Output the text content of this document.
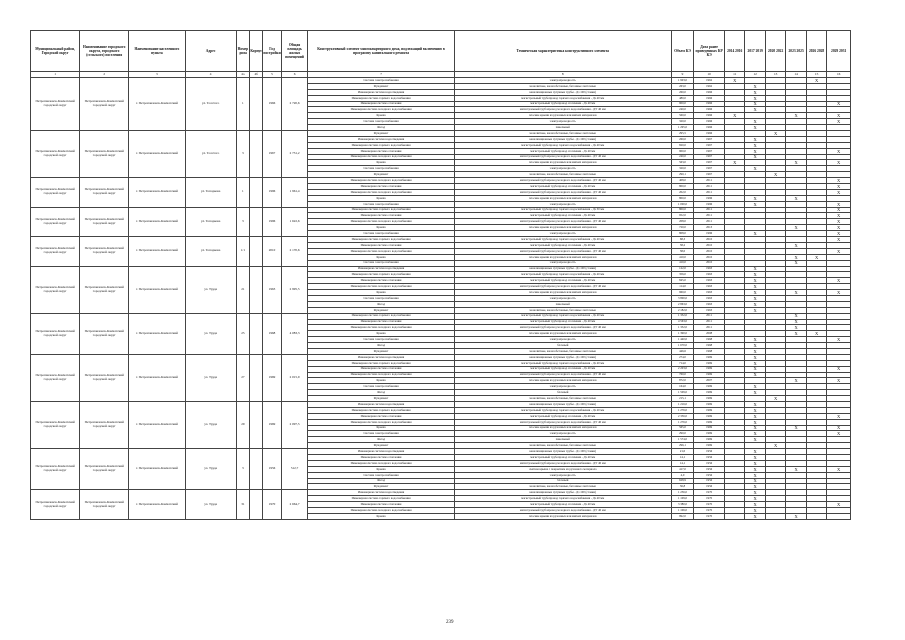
Муниципальный район, Городской округ	Наименование городского округа, городского (сельского) поселения	Наименование населенного пункта	Адрес	Номер дома	Корпус	Год постройки	Общая площадь жилых помещений	Конструктивный элемент многоквартирного дома, подлежащий включению в программу капитального ремонта	Техническая характеристика конструктивного элемента	Объем КЭ	Дата ранее проведенных КР КЭ	2014 2016	2017 2019	2020 2022	2023 2025	2026 2028	2029 2031
1	2	3	4	4а	4б	5	6	7	8	9	10	11	12	13	14	15	16
Петропавловск-Камчатский городской округ	Петропавловск-Камчатский городской округ	г. Петропавловск-Камчатский	ул. Толстого	1		1966	2 720,6	Система электроснабжения	электропроводность	1 903,0	1962	X				X	
								Фундамент	монолитные, железобетонные, бетонные ленточные	263,0	1962		X				
								Инженерная система водоотведения	канализационные чугунные трубы - Дз 100 (стояки)	260,0	1966		X				
								Инженерная система горячего водоснабжения	магистральный трубопровод горячего водоснабжения - Дз 40 мм	480,0	1966		X				
								Инженерная система отопления	магистральный трубопровод отопления - Дз 40 мм	900,0	1966		X				X
								Инженерная система холодного водоснабжения	магистральный трубопровод холодного водоснабжения - ДУ 40 мм	240,0	1966		X				
								Крыша	плоские крыши из рулонных или мягких материалов	560,0	1966	X			X		X
								Система электроснабжения	электропроводность	320,0	1966		X				X
								Фасад	панельный	1 295,0	1966		X				
Петропавловск-Камчатский городской округ	Петропавловск-Камчатский городской округ	г. Петропавловск-Камчатский	ул. Толстого	3		1967	2 731,2	Фундамент	монолитные, железобетонные, бетонные ленточные	295,5	1966			X			
								Инженерная система водоотведения	канализационные чугунные трубы - Дз 100 (стояки)	260,0	1967		X				
								Инженерная система горячего водоснабжения	магистральный трубопровод горячего водоснабжения - Дз 40 мм	820,0	1967		X				
								Инженерная система отопления	магистральный трубопровод отопления - Дз 40 мм	900,0	1967		X				X
								Инженерная система холодного водоснабжения	магистральный трубопровод холодного водоснабжения - ДУ 40 мм	240,0	1967		X				
								Крыша	плоские крыши из рулонных или мягких материалов	563,0	1967	X			X		X
								Система электроснабжения	электропроводность	320,0	1967		X				
								Фундамент	монолитные, железобетонные, бетонные ленточные	290,1	1967			X			
Петропавловск-Камчатский городской округ	Петропавловск-Камчатский городской округ	г. Петропавловск-Камчатский	ул. Топоркова	1		1996	1 961,4	Инженерная система холодного водоснабжения	магистральный трубопровод холодного водоснабжения - ДУ 40 мм	408,0	2011						X
								Инженерная система отопления	магистральный трубопровод отопления - Дз 40 мм	800,0	2011						X
								Инженерная система холодного водоснабжения	магистральный трубопровод холодного водоснабжения - ДУ 40 мм	202,0	2011						X
								Крыша	плоские крыши из рулонных или мягких материалов	800,0	1996		X		X		
								Система электроснабжения	электропроводность	1 000,0	1996		X				X
Петропавловск-Камчатский городской округ	Петропавловск-Камчатский городской округ	г. Петропавловск-Камчатский	ул. Топоркова	3		1996	1 622,6	Инженерная система горячего водоснабжения	магистральный трубопровод горячего водоснабжения - Дз 30 мм	800,0	2011						X
								Инженерная система отопления	магистральный трубопровод отопления - Дз 40 мм	952,0	2011						X
								Инженерная система холодного водоснабжения	магистральный трубопровод холодного водоснабжения - ДУ 40 мм	208,0	2011						X
								Крыша	плоские крыши из рулонных или мягких материалов	720,0	2013				X		X
								Система электроснабжения	электропроводность	808,0	1996		X				X
Петропавловск-Камчатский городской округ	Петропавловск-Камчатский городской округ	г. Петропавловск-Камчатский	ул. Топоркова	1/1		2010	2 170,6	Инженерная система горячего водоснабжения	магистральный трубопровод горячего водоснабжения - Дз 40 мм	68,3	2010						X
								Инженерная система отопления	магистральный трубопровод отопления - Дз 40 мм	38,2	2010				X		
								Инженерная система холодного водоснабжения	магистральный трубопровод холодного водоснабжения - ДУ 40 мм	38,0	2010						X
								Крыша	плоские крыши из рулонных или мягких материалов	410,0	2010				X	X	
								Система электроснабжения	электропроводность	410,0	2010				X		
Петропавловск-Камчатский городской округ	Петропавловск-Камчатский городской округ	г. Петропавловск-Камчатский	ул. Труда	21		1963	2 995,5	Инженерная система водоотведения	канализационные чугунные трубы - Дз 100 (стояки)	122,0	1963		X				
								Инженерная система горячего водоснабжения	магистральный трубопровод горячего водоснабжения - Дз 40 мм	356,0	1963		X				
								Инженерная система отопления	магистральный трубопровод отопления - Дз 40 мм	845,0	1963		X				X
								Инженерная система холодного водоснабжения	магистральный трубопровод холодного водоснабжения - ДУ 40 мм	114,0	1963		X				
								Крыша	плоские крыши из рулонных или мягких материалов	960,0	1963		X		X		X
								Система электроснабжения	электропроводность	3 800,0	1963		X				
								Фасад	панельный	2 863,0	1963		X				
								Фундамент	монолитные, железобетонные, бетонные ленточные	2 182,0	1963		X				
Петропавловск-Камчатский городской округ	Петропавловск-Камчатский городской округ	г. Петропавловск-Камчатский	ул. Труда	25		1968	4 083,3	Инженерная система горячего водоснабжения	магистральный трубопровод горячего водоснабжения - Дз 40 мм	1 332,0	2011				X		
								Инженерная система отопления	магистральный трубопровод отопления - Дз 40 мм	4 563,0	2011				X		
								Инженерная система холодного водоснабжения	магистральный трубопровод холодного водоснабжения - ДУ 40 мм	1 332,0	2011				X		
								Крыша	плоские крыши из рулонных или мягких материалов	1 390,0	2008				X	X	
								Система электроснабжения	электропроводность	1 440,0	1968		X				X
								Фасад	блочный	1 670,0	1968		X				
								Фундамент	монолитные, железобетонные, бетонные ленточные	446,6	1968		X				
Петропавловск-Камчатский городской округ	Петропавловск-Камчатский городской округ	г. Петропавловск-Камчатский	ул. Труда	27		1969	2 015,9	Инженерная система водоотведения	канализационные чугунные трубы - Дз 100 (стояки)	274,0	1969		X				
								Инженерная система горячего водоснабжения	магистральный трубопровод горячего водоснабжения - Дз 40 мм	714,0	1969		X				
								Инженерная система отопления	магистральный трубопровод отопления - Дз 40 мм	2 203,0	1969		X				X
								Инженерная система холодного водоснабжения	магистральный трубопровод холодного водоснабжения - ДУ 40 мм	760,0	1969		X				
								Крыша	плоские крыши из рулонных или мягких материалов	872,0	2007				X		X
								Система электроснабжения	электропроводность	164,0	1969		X				
								Фасад	блочный	1 509,0	1969		X				
								Фундамент	монолитные, железобетонные, бетонные ленточные	215,1	1969			X			
Петропавловск-Камчатский городской округ	Петропавловск-Камчатский городской округ	г. Петропавловск-Камчатский	ул. Труда	29		1969	2 097,5	Инженерная система водоотведения	канализационные чугунные трубы - Дз 100 (стояки)	1 216,0	1969		X				
								Инженерная система горячего водоснабжения	магистральный трубопровод горячего водоснабжения - Дз 40 мм	1 276,0	1969		X				
								Инженерная система отопления	магистральный трубопровод отопления - Дз 40 мм	2 356,0	1969		X				X
								Инженерная система холодного водоснабжения	магистральный трубопровод холодного водоснабжения - ДУ 40 мм	1 276,0	1969		X				
								Крыша	плоские крыши из рулонных или мягких материалов	565,0	1969		X		X		X
								Система электроснабжения	электропроводность	290,0	1969		X				X
								Фасад	панельный	1 574,0	1969		X				
								Фундамент	монолитные, железобетонные, бетонные ленточные	296,1	1969			X			
Петропавловск-Камчатский городской округ	Петропавловск-Камчатский городской округ	г. Петропавловск-Камчатский	ул. Труда	3		1956	512,7	Инженерная система водоотведения	канализационные чугунные трубы - Дз 100 (стояки)	21,0	1956		X				
								Инженерная система отопления	магистральный трубопровод отопления - Дз 40 мм	14,1	1956		X				
								Инженерная система холодного водоснабжения	магистральный трубопровод холодного водоснабжения - ДУ 40 мм	14,1	1956		X				
								Крыша	скатная крыша с покрытием из рулонного материала	417,0	1956		X		X		X
								Система электроснабжения	электропроводность	4,0	1956		X				
								Фасад	блочный	628,9	1956		X				
								Фундамент	монолитные, железобетонные, бетонные ленточные	36,8	1956		X				
Петропавловск-Камчатский городской округ	Петропавловск-Камчатский городской округ	г. Петропавловск-Камчатский	ул. Труда	31		1970	2 664,7	Инженерная система водоотведения	канализационные чугунные трубы - Дз 100 (стояки)	1 236,0	1970		X				
								Инженерная система горячего водоснабжения	магистральный трубопровод горячего водоснабжения - Дз 40 мм	1 109,0	1970		X				
								Инженерная система отопления	магистральный трубопровод отопления - Дз 40 мм	3 380,0	1970		X				X
								Инженерная система холодного водоснабжения	магистральный трубопровод холодного водоснабжения - ДУ 40 мм	1 106,0	1970		X				
								Крыша	плоские крыши из рулонных или мягких материалов	992,0	1970		X		X		
239
